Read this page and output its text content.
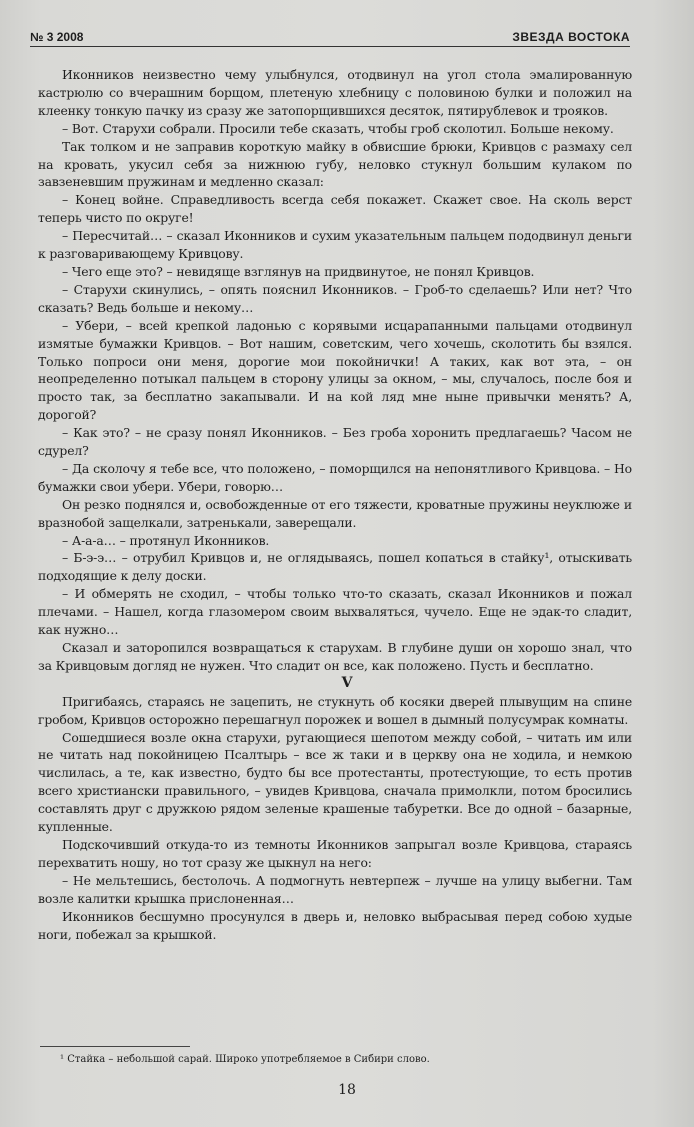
№ 3 2008	ЗВЕЗДА ВОСТОКА

Иконников неизвестно чему улыбнулся, отодвинул на угол стола эмалированную кастрюлю со вчерашним борщом, плетеную хлебницу с половиною булки и положил на клеенку тонкую пачку из сразу же затопорщившихся десяток, пятирублевок и трояков.

– Вот. Старухи собрали. Просили тебе сказать, чтобы гроб сколотил. Больше некому.

Так толком и не заправив короткую майку в обвисшие брюки, Кривцов с размаху сел на кровать, укусил себя за нижнюю губу, неловко стукнул большим кулаком по завзеневшим пружинам и медленно сказал:

– Конец войне. Справедливость всегда себя покажет. Скажет свое. На сколь верст теперь чисто по округе!

– Пересчитай… – сказал Иконников и сухим указательным пальцем пододвинул деньги к разговаривающему Кривцову.

– Чего еще это? – невидяще взглянув на придвинутое, не понял Кривцов.

– Старухи скинулись, – опять пояснил Иконников. – Гроб-то сделаешь? Или нет? Что сказать? Ведь больше и некому…

– Убери, – всей крепкой ладонью с корявыми исцарапанными пальцами отодвинул измятые бумажки Кривцов. – Вот нашим, советским, чего хочешь, сколотить бы взялся. Только попроси они меня, дорогие мои покойнички! А таких, как вот эта, – он неопределенно потыкал пальцем в сторону улицы за окном, – мы, случалось, после боя и просто так, за бесплатно закапывали. И на кой ляд мне ныне привычки менять? А, дорогой?

– Как это? – не сразу понял Иконников. – Без гроба хоронить предлагаешь? Часом не сдурел?

– Да сколочу я тебе все, что положено, – поморщился на непонятливого Кривцова. – Но бумажки свои убери. Убери, говорю…

Он резко поднялся и, освобожденные от его тяжести, кроватные пружины неуклюже и вразнобой защелкали, затренькали, заверещали.

– А-а-а… – протянул Иконников.

– Б-э-э… – отрубил Кривцов и, не оглядываясь, пошел копаться в стайку¹, отыскивать подходящие к делу доски.

– И обмерять не сходил, – чтобы только что-то сказать, сказал Иконников и пожал плечами. – Нашел, когда глазомером своим выхваляться, чучело. Еще не эдак-то сладит, как нужно…

Сказал и заторопился возвращаться к старухам. В глубине души он хорошо знал, что за Кривцовым догляд не нужен. Что сладит он все, как положено. Пусть и бесплатно.

V

Пригибаясь, стараясь не зацепить, не стукнуть об косяки дверей плывущим на спине гробом, Кривцов осторожно перешагнул порожек и вошел в дымный полусумрак комнаты.

Сошедшиеся возле окна старухи, ругающиеся шепотом между собой, – читать им или не читать над покойницею Псалтырь – все ж таки и в церкву она не ходила, и немкою числилась, а те, как известно, будто бы все протестанты, протестующие, то есть против всего христиански правильного, – увидев Кривцова, сначала примолкли, потом бросились составлять друг с дружкою рядом зеленые крашеные табуретки. Все до одной – базарные, купленные.

Подскочивший откуда-то из темноты Иконников запрыгал возле Кривцова, стараясь перехватить ношу, но тот сразу же цыкнул на него:

– Не мельтешись, бестолочь. А подмогнуть невтерпеж – лучше на улицу выбегни. Там возле калитки крышка прислоненная…

Иконников бесшумно просунулся в дверь и, неловко выбрасывая перед собою худые ноги, побежал за крышкой.

¹ Стайка – небольшой сарай. Широко употребляемое в Сибири слово.
18
